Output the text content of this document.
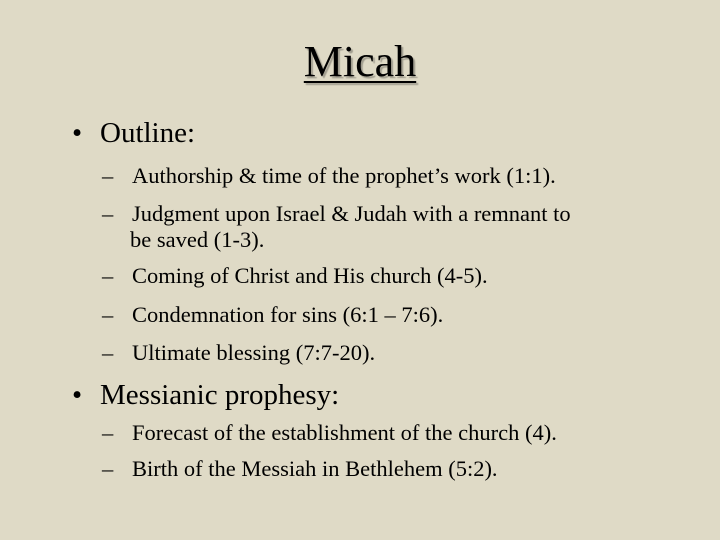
Micah
• Outline:
– Authorship & time of the prophet’s work (1:1).
– Judgment upon Israel & Judah with a remnant to
be saved (1-3).
– Coming of Christ and His church (4-5).
– Condemnation for sins (6:1 – 7:6).
– Ultimate blessing (7:7-20).
• Messianic prophesy:
– Forecast of the establishment of the church (4).
– Birth of the Messiah in Bethlehem (5:2).
